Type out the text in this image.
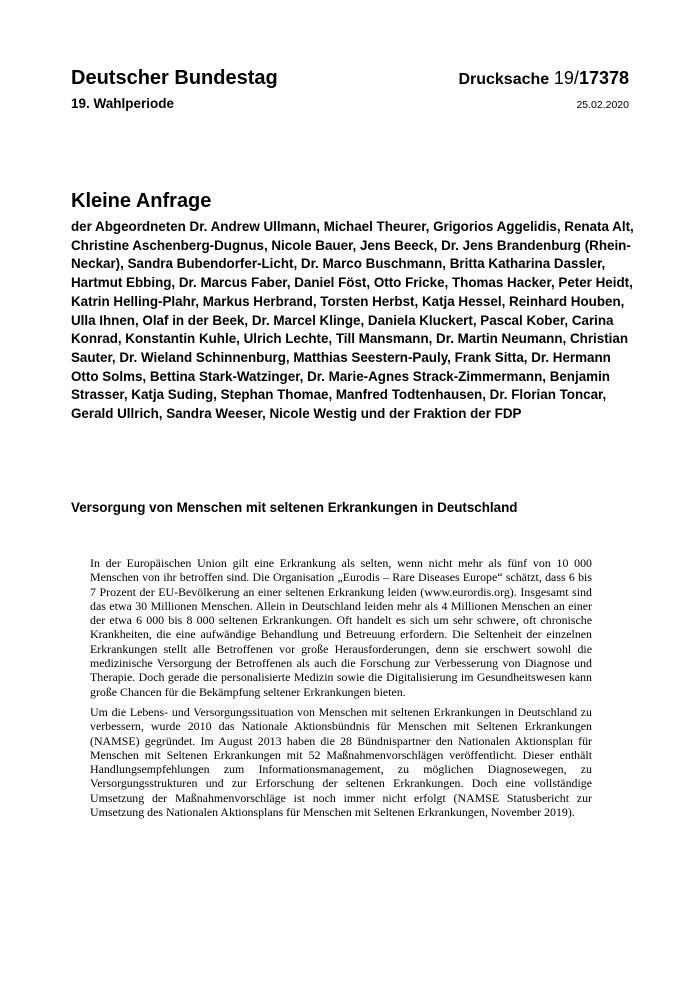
Deutscher Bundestag
19. Wahlperiode
Drucksache 19/17378
25.02.2020
Kleine Anfrage

der Abgeordneten Dr. Andrew Ullmann, Michael Theurer, Grigorios Aggelidis, Renata Alt, Christine Aschenberg-Dugnus, Nicole Bauer, Jens Beeck, Dr. Jens Brandenburg (Rhein-Neckar), Sandra Bubendorfer-Licht, Dr. Marco Buschmann, Britta Katharina Dassler, Hartmut Ebbing, Dr. Marcus Faber, Daniel Föst, Otto Fricke, Thomas Hacker, Peter Heidt, Katrin Helling-Plahr, Markus Herbrand, Torsten Herbst, Katja Hessel, Reinhard Houben, Ulla Ihnen, Olaf in der Beek, Dr. Marcel Klinge, Daniela Kluckert, Pascal Kober, Carina Konrad, Konstantin Kuhle, Ulrich Lechte, Till Mansmann, Dr. Martin Neumann, Christian Sauter, Dr. Wieland Schinnenburg, Matthias Seestern-Pauly, Frank Sitta, Dr. Hermann Otto Solms, Bettina Stark-Watzinger, Dr. Marie-Agnes Strack-Zimmermann, Benjamin Strasser, Katja Suding, Stephan Thomae, Manfred Todtenhausen, Dr. Florian Toncar, Gerald Ullrich, Sandra Weeser, Nicole Westig und der Fraktion der FDP

Versorgung von Menschen mit seltenen Erkrankungen in Deutschland

In der Europäischen Union gilt eine Erkrankung als selten, wenn nicht mehr als fünf von 10 000 Menschen von ihr betroffen sind. Die Organisation „Eurodis – Rare Diseases Europe“ schätzt, dass 6 bis 7 Prozent der EU-Bevölkerung an einer seltenen Erkrankung leiden (www.eurordis.org). Insgesamt sind das etwa 30 Millionen Menschen. Allein in Deutschland leiden mehr als 4 Millionen Menschen an einer der etwa 6 000 bis 8 000 seltenen Erkrankungen. Oft handelt es sich um sehr schwere, oft chronische Krankheiten, die eine aufwändige Behandlung und Betreuung erfordern. Die Seltenheit der einzelnen Erkrankungen stellt alle Betroffenen vor große Herausforderungen, denn sie erschwert sowohl die medizinische Versorgung der Betroffenen als auch die Forschung zur Verbesserung von Diagnose und Therapie. Doch gerade die personalisierte Medizin sowie die Digitalisierung im Gesundheitswesen kann große Chancen für die Bekämpfung seltener Erkrankungen bieten.

Um die Lebens- und Versorgungssituation von Menschen mit seltenen Erkrankungen in Deutschland zu verbessern, wurde 2010 das Nationale Aktionsbündnis für Menschen mit Seltenen Erkrankungen (NAMSE) gegründet. Im August 2013 haben die 28 Bündnispartner den Nationalen Aktionsplan für Menschen mit Seltenen Erkrankungen mit 52 Maßnahmenvorschlägen veröffentlicht. Dieser enthält Handlungsempfehlungen zum Informationsmanagement, zu möglichen Diagnosewegen, zu Versorgungsstrukturen und zur Erforschung der seltenen Erkrankungen. Doch eine vollständige Umsetzung der Maßnahmenvorschläge ist noch immer nicht erfolgt (NAMSE Statusbericht zur Umsetzung des Nationalen Aktionsplans für Menschen mit Seltenen Erkrankungen, November 2019).
